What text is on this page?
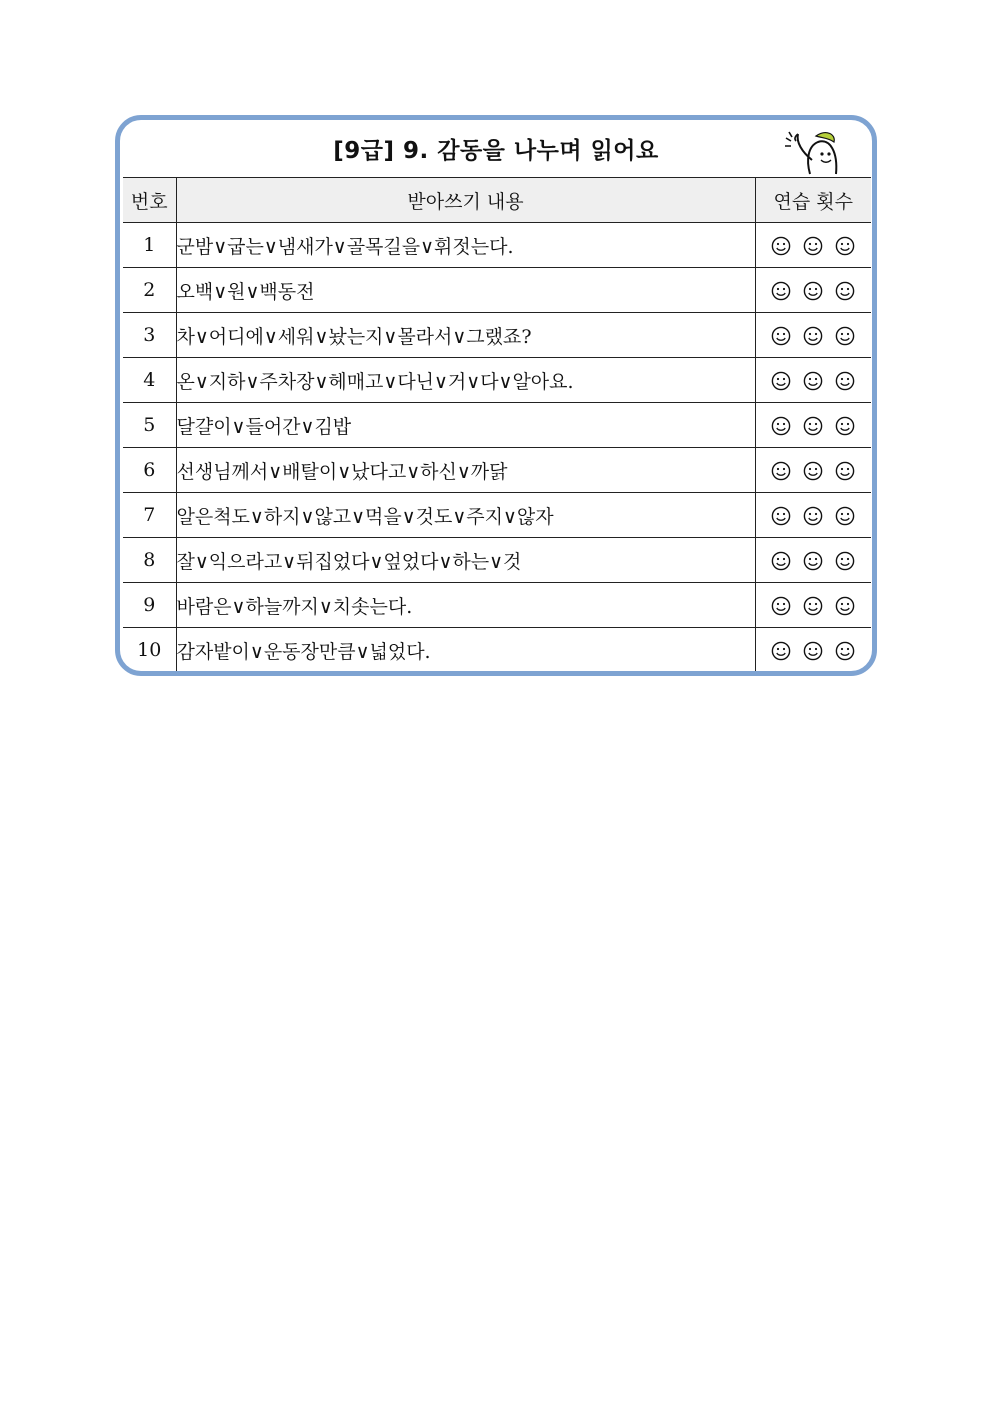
[9급] 9. 감동을 나누며 읽어요
번호	받아쓰기 내용	연습 횟수
1	군밤∨굽는∨냄새가∨골목길을∨휘젓는다.	
2	오백∨원∨백동전	
3	차∨어디에∨세워∨놨는지∨몰라서∨그랬죠?	
4	온∨지하∨주차장∨헤매고∨다닌∨거∨다∨알아요.	
5	달걀이∨들어간∨김밥	
6	선생님께서∨배탈이∨났다고∨하신∨까닭	
7	알은척도∨하지∨않고∨먹을∨것도∨주지∨않자	
8	잘∨익으라고∨뒤집었다∨엎었다∨하는∨것	
9	바람은∨하늘까지∨치솟는다.	
10	감자밭이∨운동장만큼∨넓었다.	
